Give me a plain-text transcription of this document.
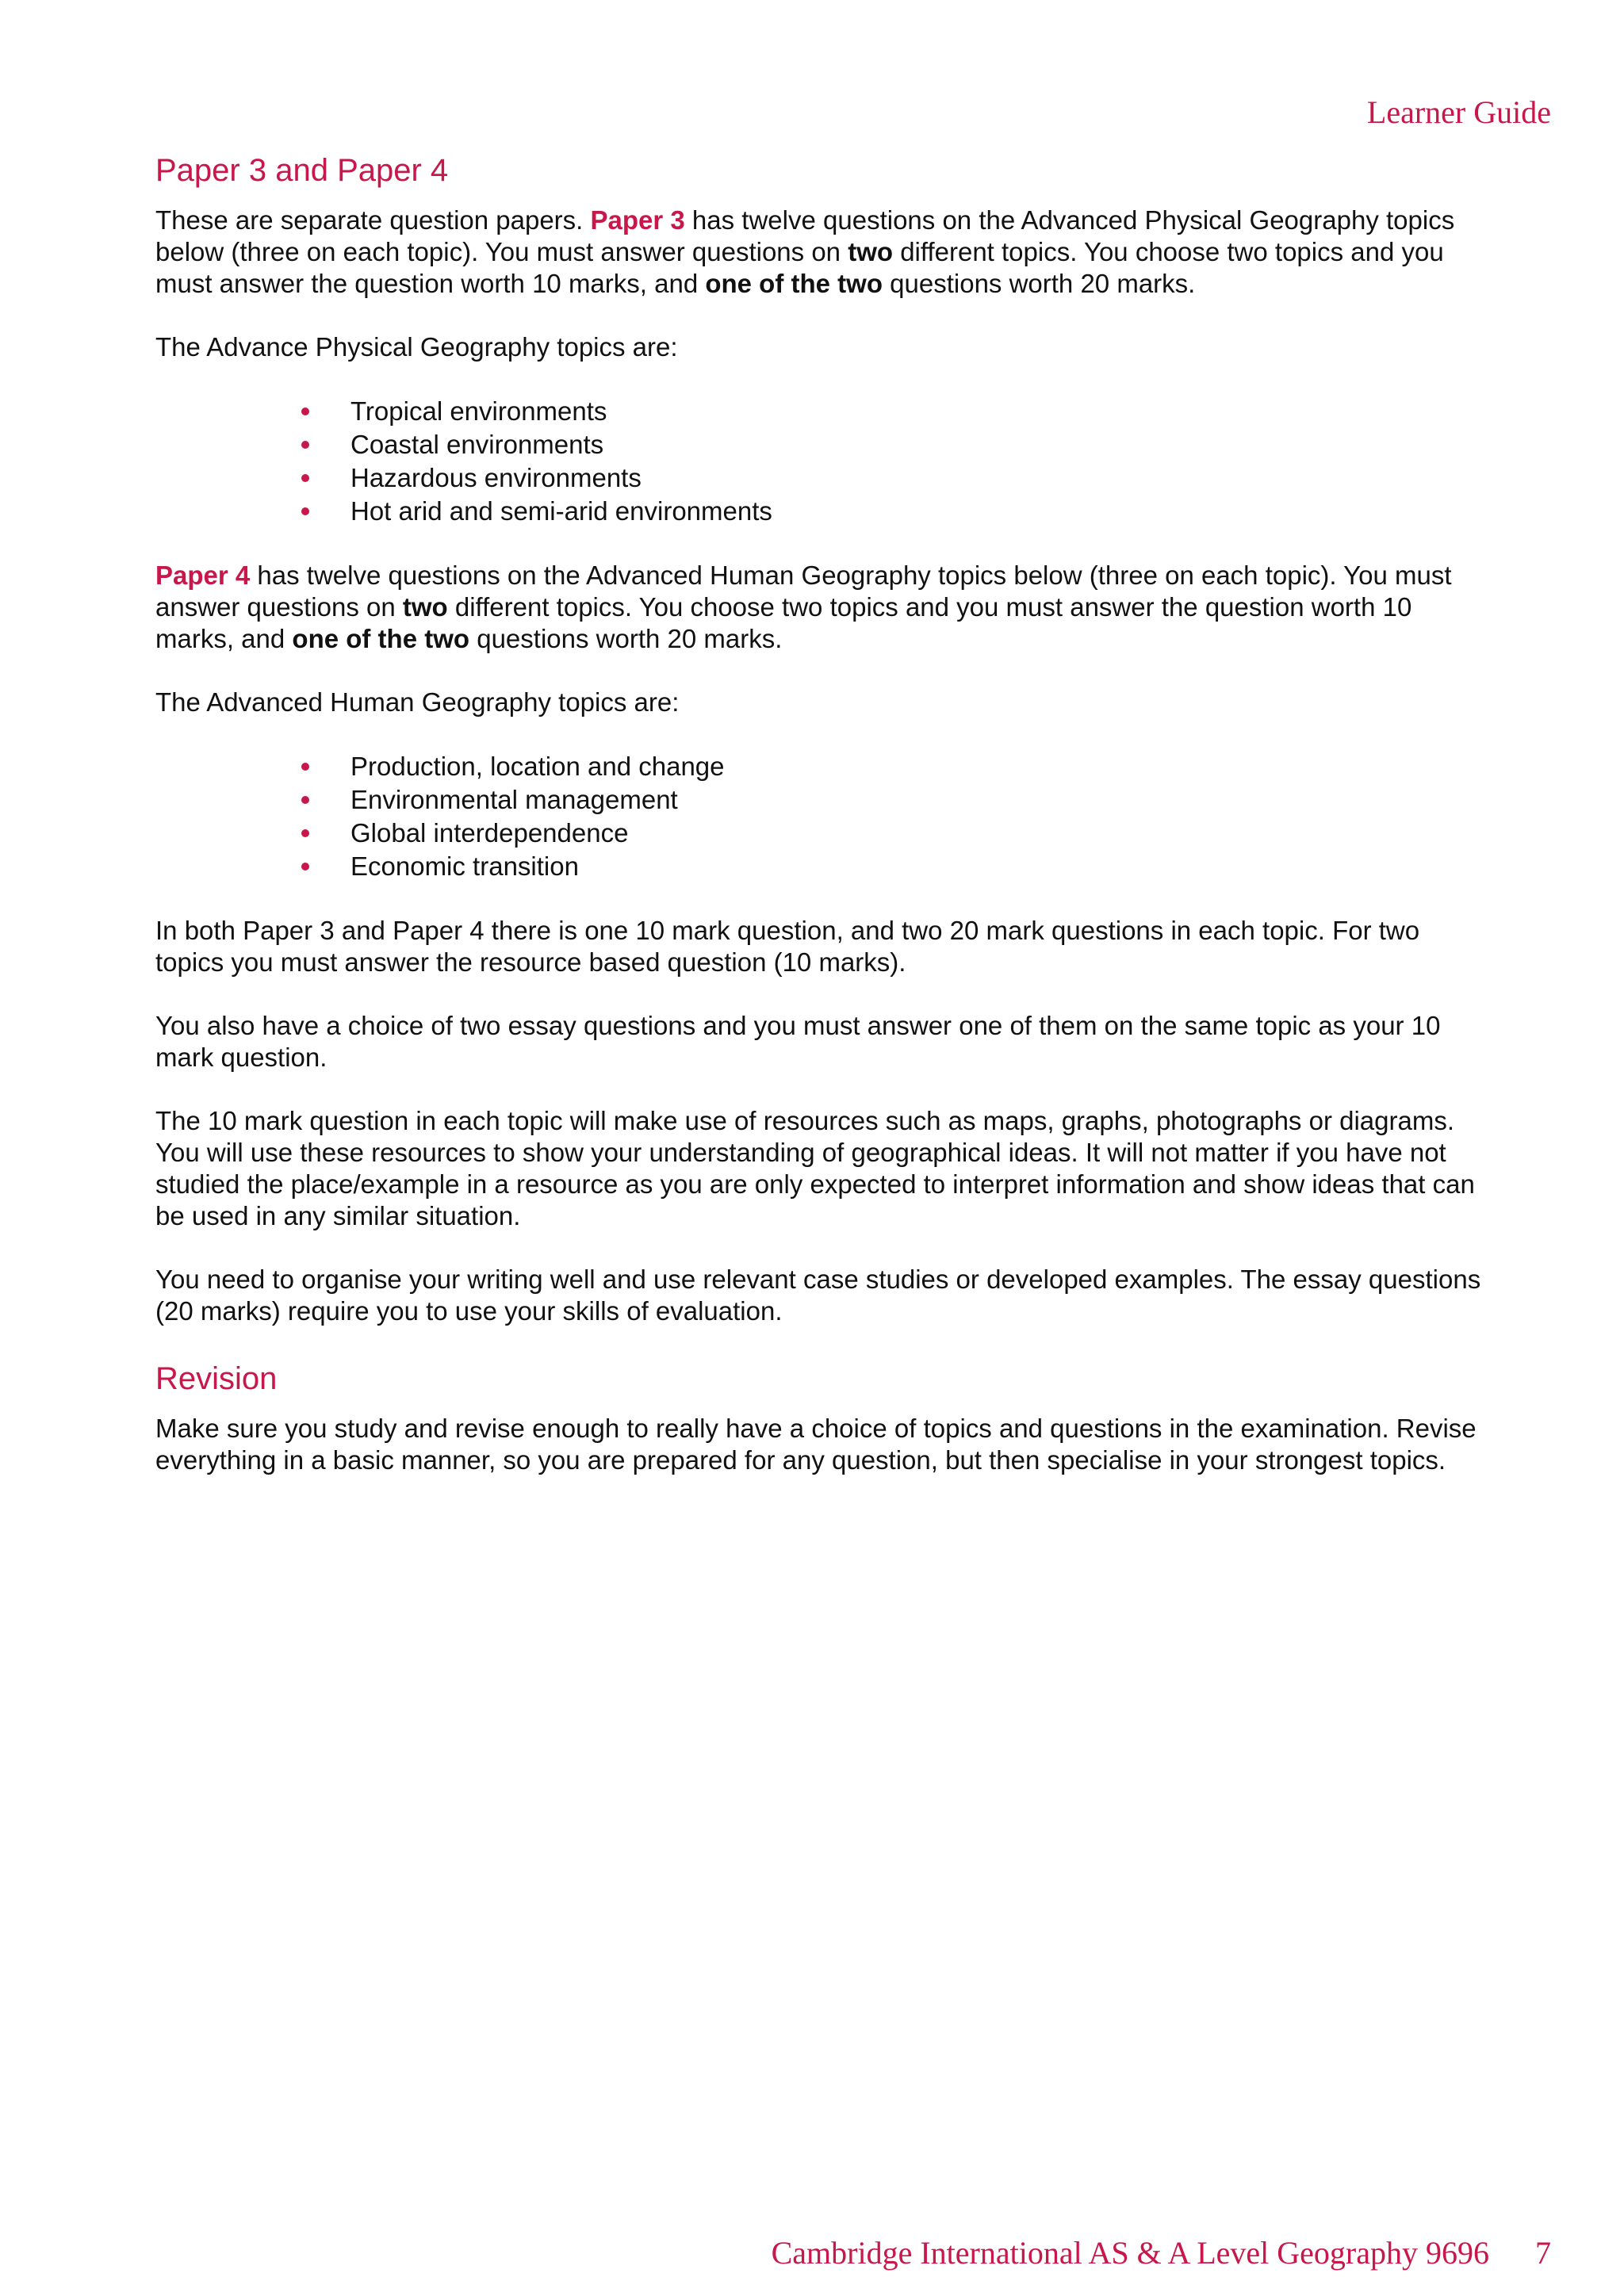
Learner Guide
Paper 3 and Paper 4

These are separate question papers. Paper 3 has twelve questions on the Advanced Physical Geography topics below (three on each topic). You must answer questions on two different topics. You choose two topics and you must answer the question worth 10 marks, and one of the two questions worth 20 marks.

The Advance Physical Geography topics are:

Tropical environments
Coastal environments
Hazardous environments
Hot arid and semi-arid environments

Paper 4 has twelve questions on the Advanced Human Geography topics below (three on each topic). You must answer questions on two different topics. You choose two topics and you must answer the question worth 10 marks, and one of the two questions worth 20 marks.

The Advanced Human Geography topics are:

Production, location and change
Environmental management
Global interdependence
Economic transition

In both Paper 3 and Paper 4 there is one 10 mark question, and two 20 mark questions in each topic. For two topics you must answer the resource based question (10 marks).

You also have a choice of two essay questions and you must answer one of them on the same topic as your 10 mark question.

The 10 mark question in each topic will make use of resources such as maps, graphs, photographs or diagrams. You will use these resources to show your understanding of geographical ideas. It will not matter if you have not studied the place/example in a resource as you are only expected to interpret information and show ideas that can be used in any similar situation.

You need to organise your writing well and use relevant case studies or developed examples. The essay questions (20 marks) require you to use your skills of evaluation.

Revision

Make sure you study and revise enough to really have a choice of topics and questions in the examination. Revise everything in a basic manner, so you are prepared for any question, but then specialise in your strongest topics.

Cambridge International AS & A Level Geography 9696 7
